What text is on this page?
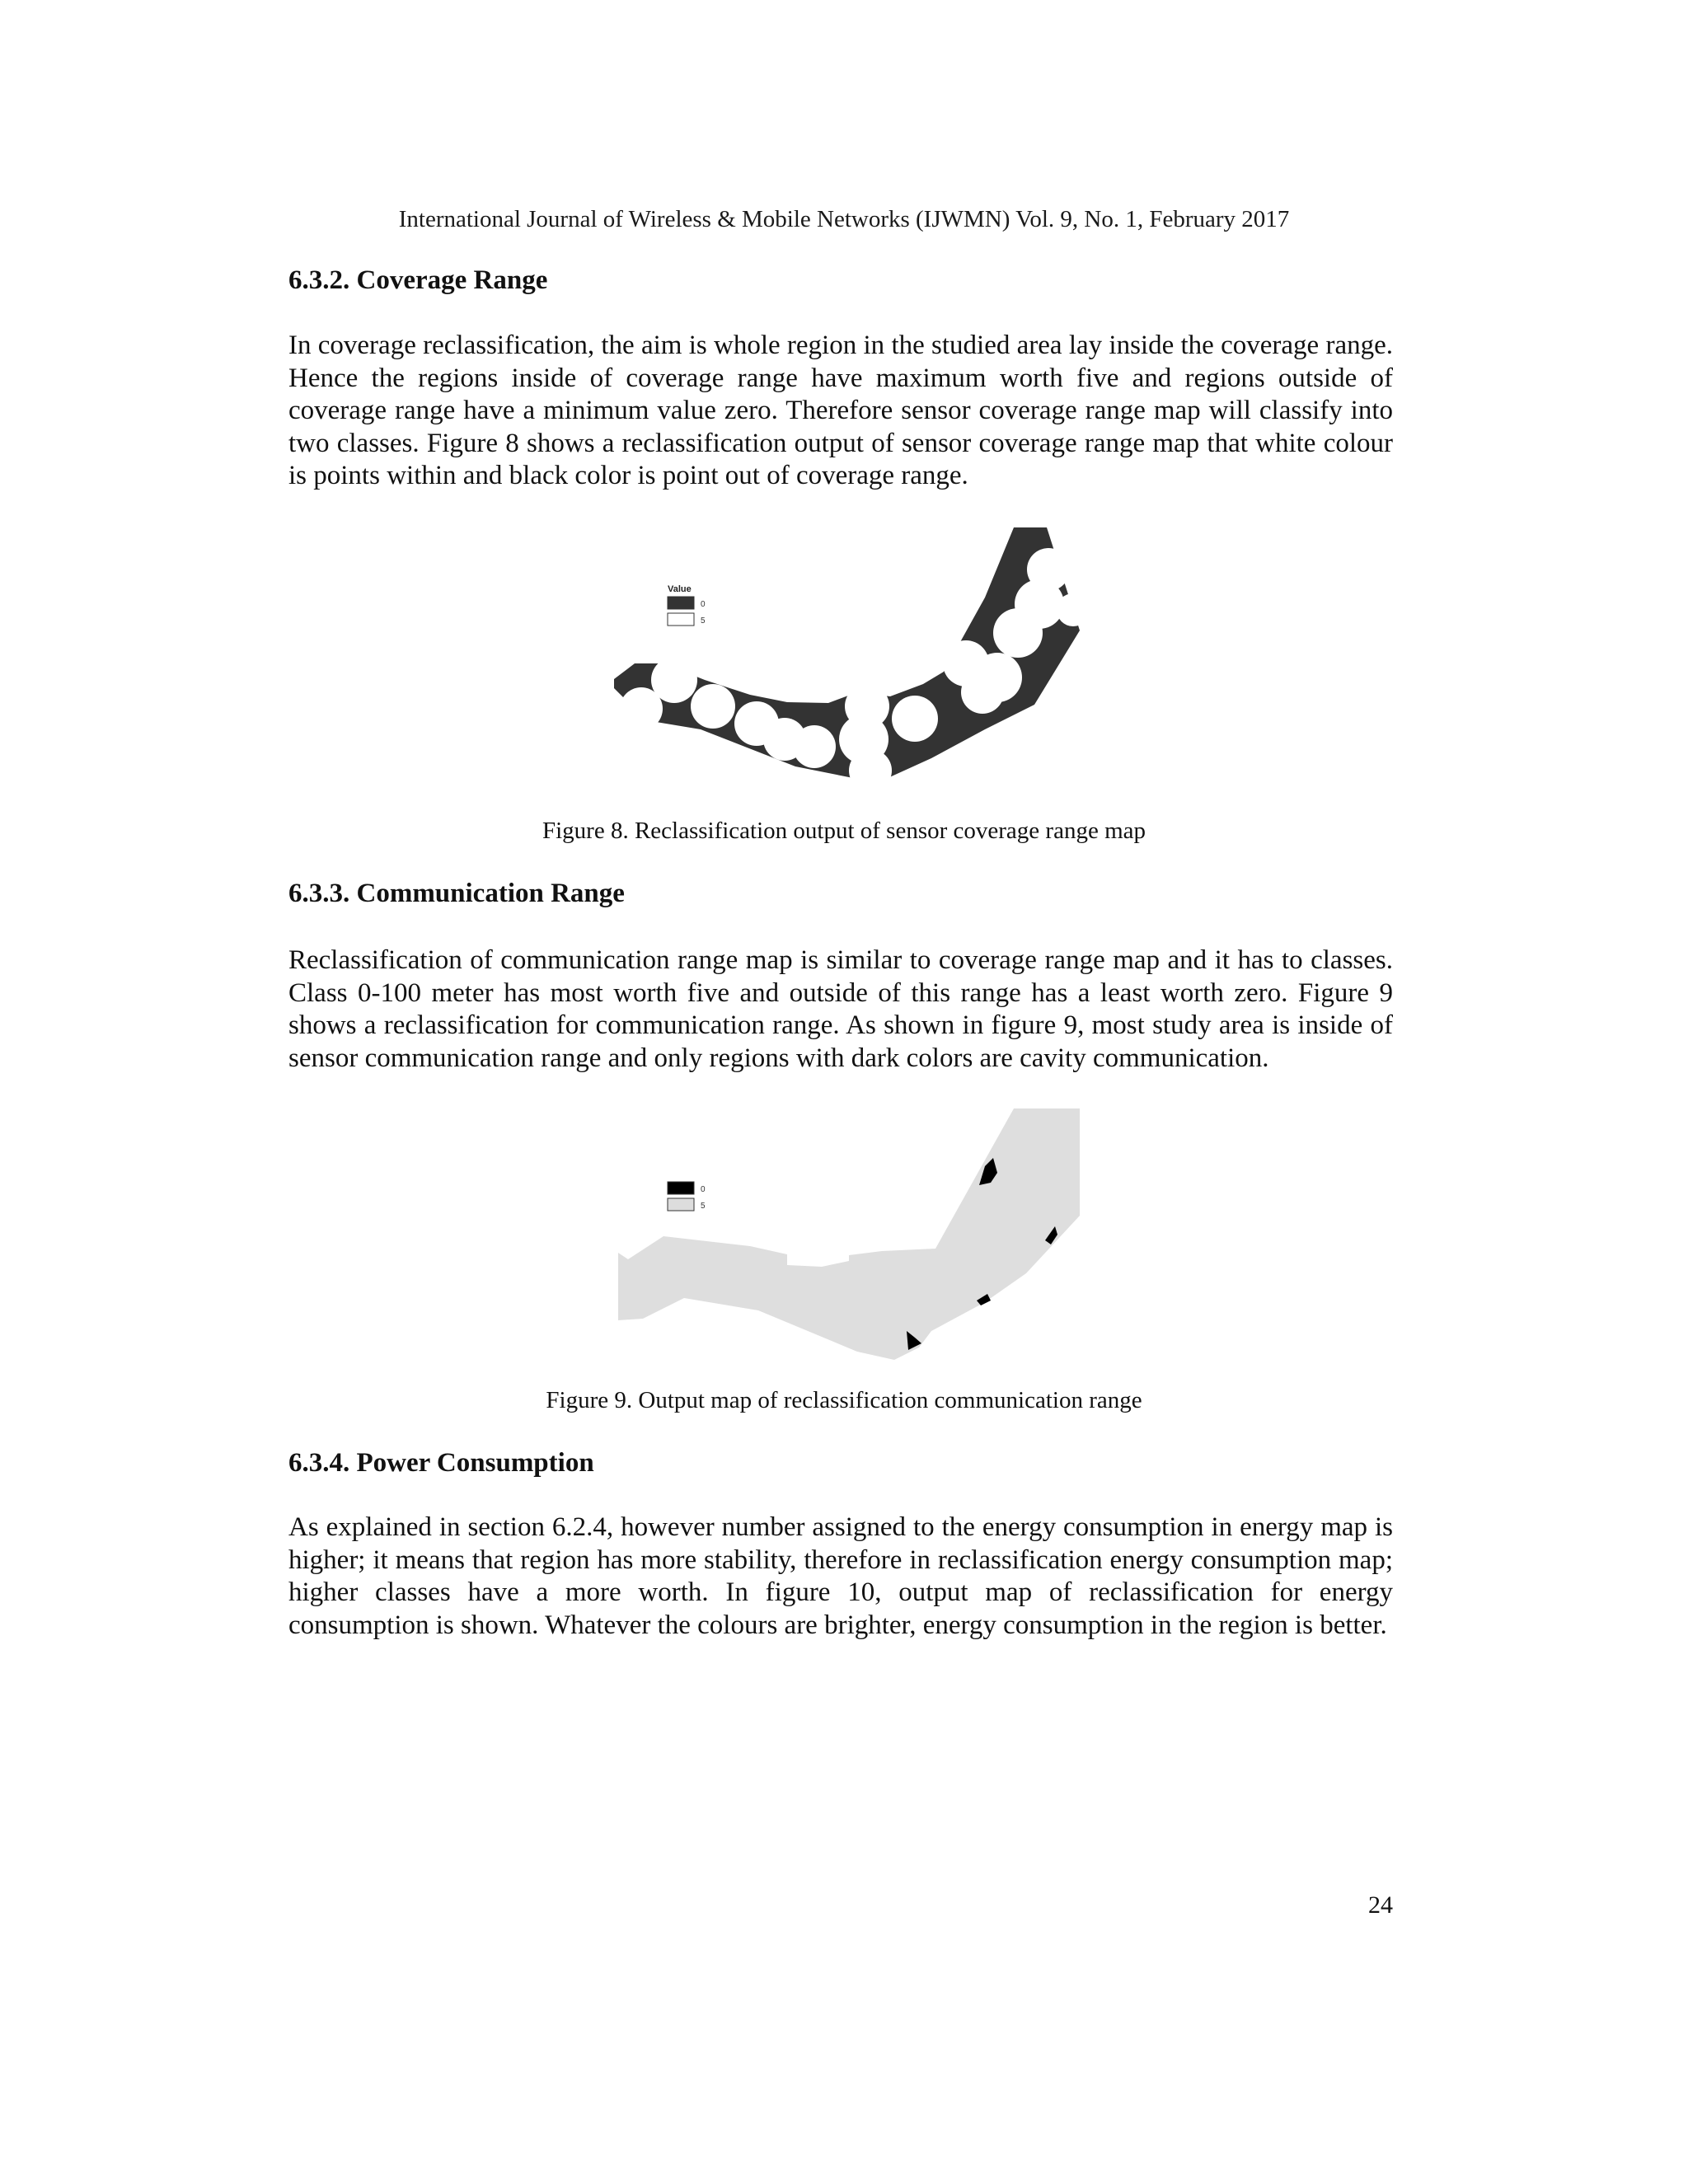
International Journal of Wireless & Mobile Networks (IJWMN) Vol. 9, No. 1, February 2017
6.3.2. Coverage Range
In coverage reclassification, the aim is whole region in the studied area lay inside the coverage range. Hence the regions inside of coverage range have maximum worth five and regions outside of coverage range have a minimum value zero. Therefore sensor coverage range map will classify into two classes. Figure 8 shows a reclassification output of sensor coverage range map that white colour is points within and black color is point out of coverage range.
Value
0
5
Figure 8. Reclassification output of sensor coverage range map
6.3.3. Communication Range
Reclassification of communication range map is similar to coverage range map and it has to classes. Class 0-100 meter has most worth five and outside of this range has a least worth zero. Figure 9 shows a reclassification for communication range. As shown in figure 9, most study area is inside of sensor communication range and only regions with dark colors are cavity communication.
0
5
Figure 9. Output map of reclassification communication range
6.3.4. Power Consumption
As explained in section 6.2.4, however number assigned to the energy consumption in energy map is higher; it means that region has more stability, therefore in reclassification energy consumption map; higher classes have a more worth. In figure 10, output map of reclassification for energy consumption is shown. Whatever the colours are brighter, energy consumption in the region is better.
24
